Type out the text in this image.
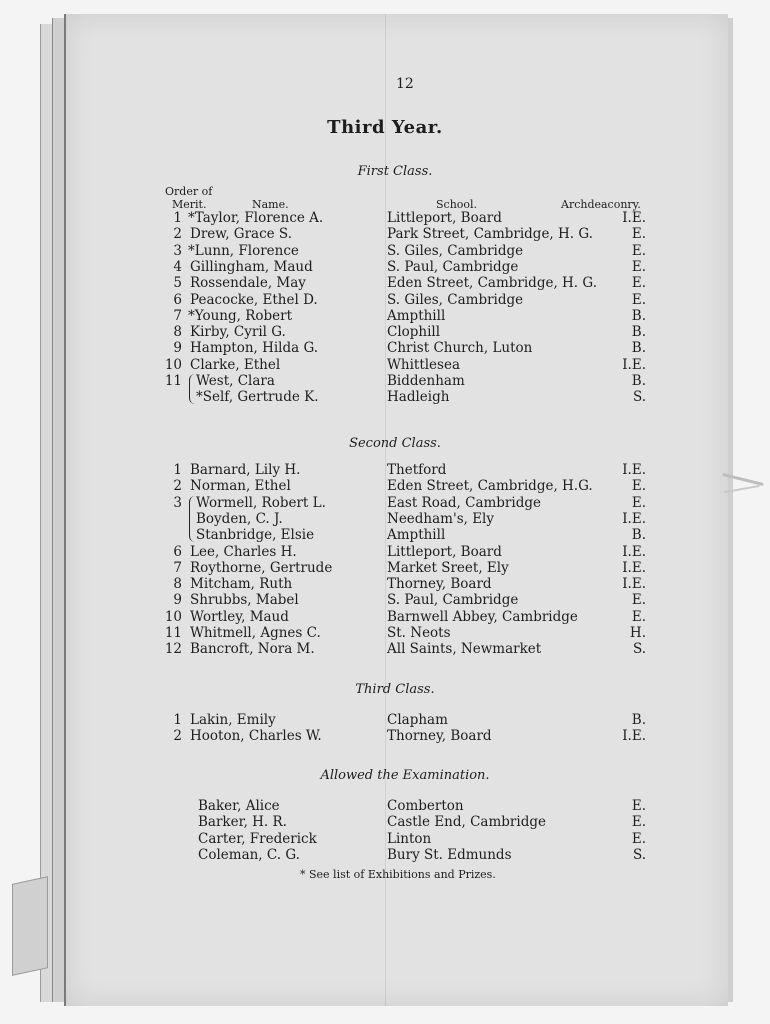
12
Third Year.
First Class.
Order of
Merit.	Name.	School.	Archdeaconry.
Second Class.
Third Class.
Allowed the Examination.
1 *Taylor, Florence A.	Littleport, Board	I.E.
2 Drew, Grace S.	Park Street, Cambridge, H. G.	E.
3 *Lunn, Florence	S. Giles, Cambridge	E.
4 Gillingham, Maud	S. Paul, Cambridge	E.
5 Rossendale, May	Eden Street, Cambridge, H. G.	E.
6 Peacocke, Ethel D.	S. Giles, Cambridge	E.
7 *Young, Robert	Ampthill	B.
8 Kirby, Cyril G.	Clophill	B.
9 Hampton, Hilda G.	Christ Church, Luton	B.
10 Clarke, Ethel	Whittlesea	I.E.
11 West, Clara	Biddenham	B.
*Self, Gertrude K.	Hadleigh	S.
1 Barnard, Lily H.	Thetford	I.E.
2 Norman, Ethel	Eden Street, Cambridge, H.G.	E.
3 Wormell, Robert L.	East Road, Cambridge	E.
Boyden, C. J.	Needham's, Ely	I.E.
Stanbridge, Elsie	Ampthill	B.
6 Lee, Charles H.	Littleport, Board	I.E.
7 Roythorne, Gertrude	Market Sreet, Ely	I.E.
8 Mitcham, Ruth	Thorney, Board	I.E.
9 Shrubbs, Mabel	S. Paul, Cambridge	E.
10 Wortley, Maud	Barnwell Abbey, Cambridge	E.
11 Whitmell, Agnes C.	St. Neots	H.
12 Bancroft, Nora M.	All Saints, Newmarket	S.
1 Lakin, Emily	Clapham	B.
2 Hooton, Charles W.	Thorney, Board	I.E.
Baker, Alice	Comberton	E.
Barker, H. R.	Castle End, Cambridge	E.
Carter, Frederick	Linton	E.
Coleman, C. G.	Bury St. Edmunds	S.
* See list of Exhibitions and Prizes.
